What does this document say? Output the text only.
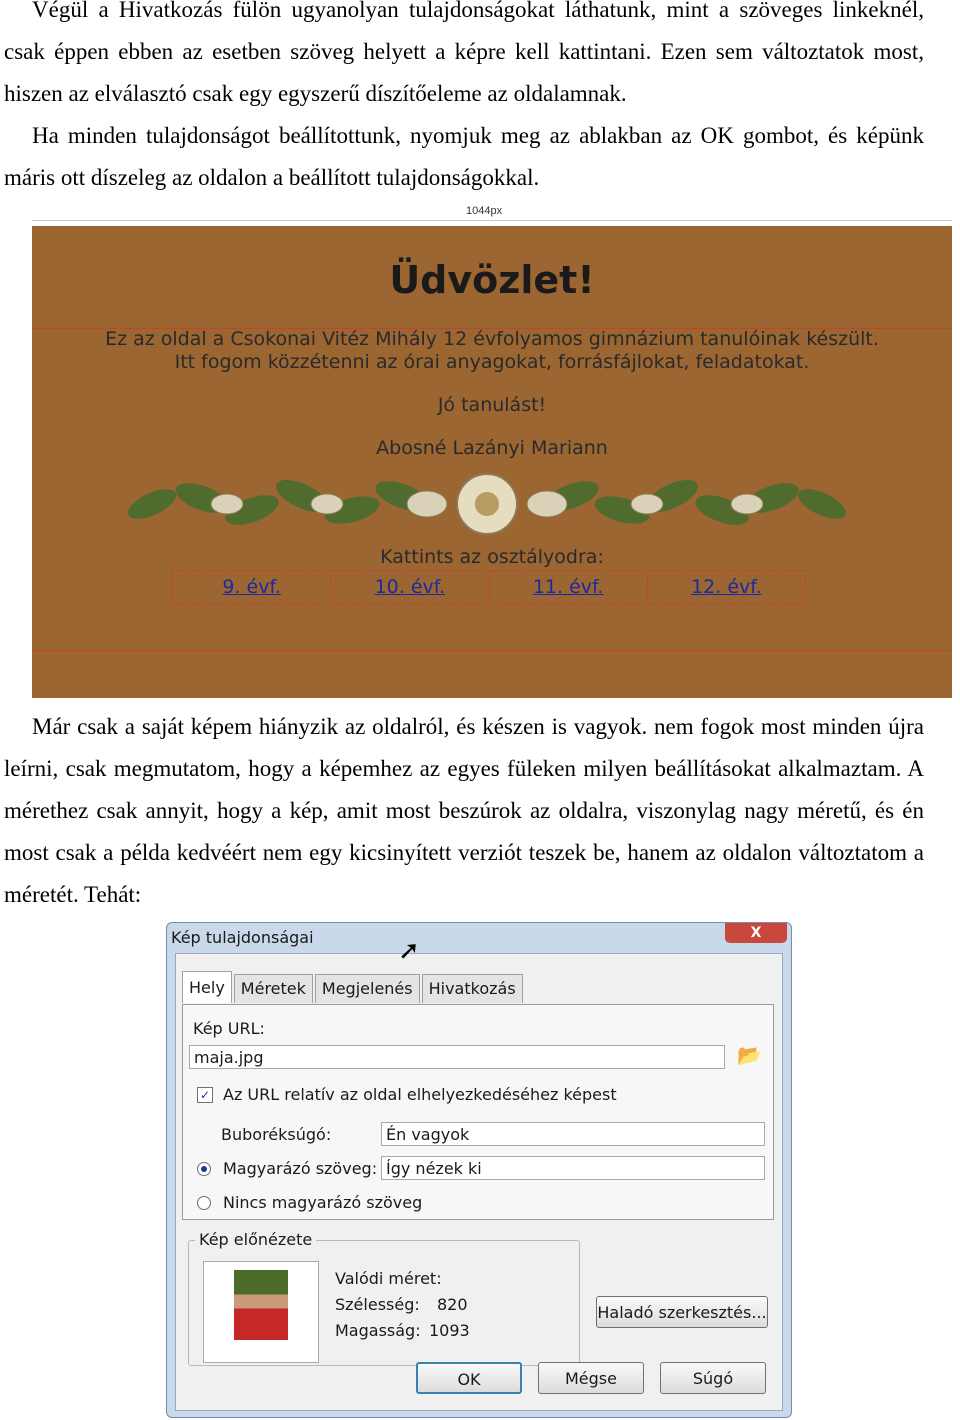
Végül a Hivatkozás fülön ugyanolyan tulajdonságokat láthatunk, mint a szöveges linkeknél, csak éppen ebben az esetben szöveg helyett a képre kell kattintani. Ezen sem változtatok most, hiszen az elválasztó csak egy egyszerű díszítőeleme az oldalamnak.

Ha minden tulajdonságot beállítottunk, nyomjuk meg az ablakban az OK gombot, és képünk máris ott díszeleg az oldalon a beállított tulajdonságokkal.

1044px
Üdvözlet!
Ez az oldal a Csokonai Vitéz Mihály 12 évfolyamos gimnázium tanulóinak készült.
Itt fogom közzétenni az órai anyagokat, forrásfájlokat, feladatokat.
Jó tanulást!
Abosné Lazányi Mariann
Kattints az osztályodra:
9. évf.	10. évf.	11. évf.	12. évf.

Már csak a saját képem hiányzik az oldalról, és készen is vagyok. nem fogok most minden újra leírni, csak megmutatom, hogy a képemhez az egyes füleken milyen beállításokat alkalmaztam. A mérethez csak annyit, hogy a kép, amit most beszúrok az oldalra, viszonylag nagy méretű, és én most csak a példa kedvéért nem egy kicsinyített verziót teszek be, hanem az oldalon változtatom a méretét. Tehát:

Kép tulajdonságai	X
Hely	Méretek	Megjelenés	Hivatkozás
Kép URL:
maja.jpg	📂
✓ Az URL relatív az oldal elhelyezkedéséhez képest
Buboréksúgó:	Én vagyok
Magyarázó szöveg: Így nézek ki
Nincs magyarázó szöveg
Kép előnézete
Valódi méret:
Szélesség: 820
Magasság: 1093
Haladó szerkesztés...
OK	Mégse	Súgó
➚
